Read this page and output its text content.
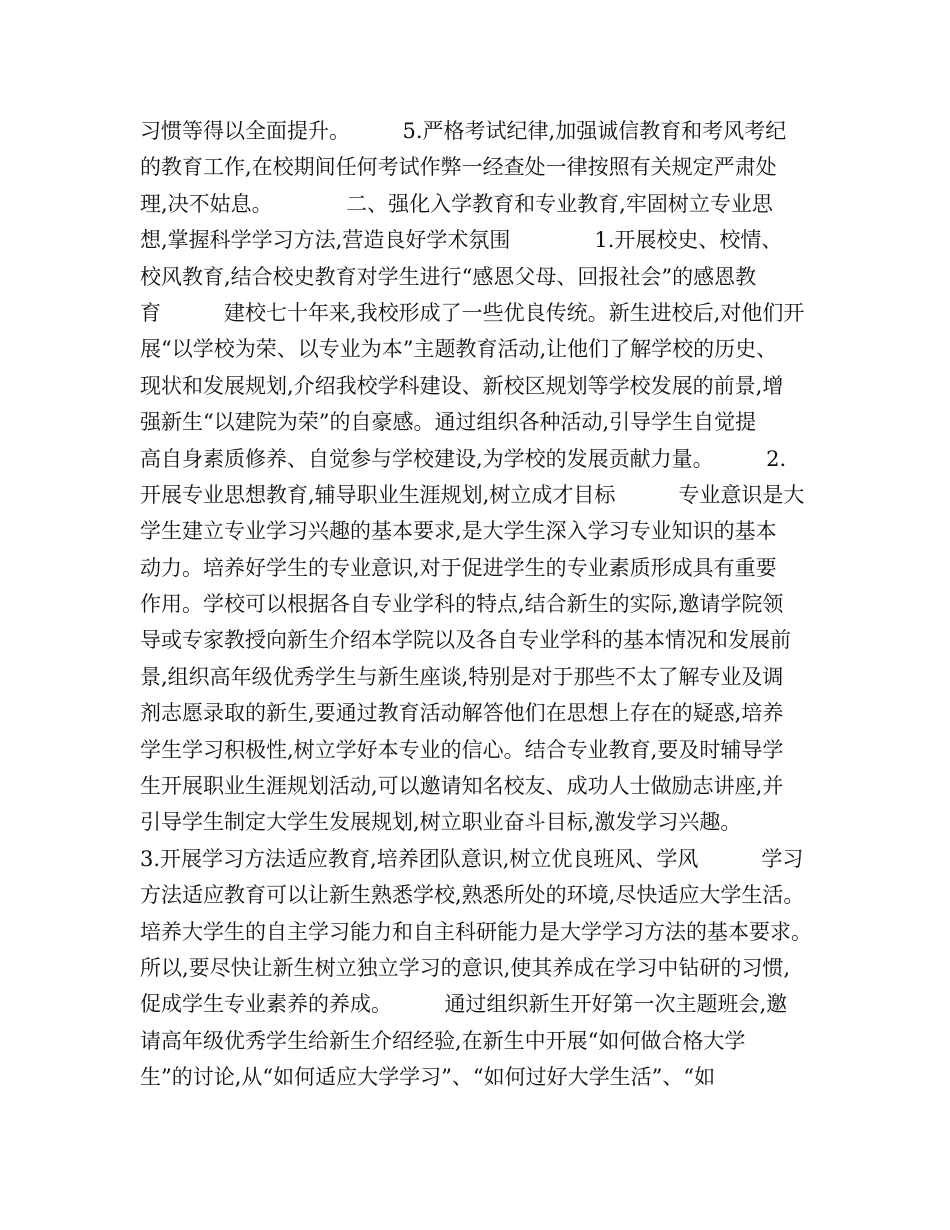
习惯等得以全面提升。　　　5.严格考试纪律,加强诚信教育和考风考纪
的教育工作,在校期间任何考试作弊一经查处一律按照有关规定严肃处
理,决不姑息。　　　　二、强化入学教育和专业教育,牢固树立专业思
想,掌握科学学习方法,营造良好学术氛围　　　　1.开展校史、校情、
校风教育,结合校史教育对学生进行“感恩父母、回报社会”的感恩教
育　　　建校七十年来,我校形成了一些优良传统。新生进校后,对他们开
展“以学校为荣、以专业为本”主题教育活动,让他们了解学校的历史、
现状和发展规划,介绍我校学科建设、新校区规划等学校发展的前景,增
强新生“以建院为荣”的自豪感。通过组织各种活动,引导学生自觉提
高自身素质修养、自觉参与学校建设,为学校的发展贡献力量。　　　2.
开展专业思想教育,辅导职业生涯规划,树立成才目标　　　专业意识是大
学生建立专业学习兴趣的基本要求,是大学生深入学习专业知识的基本
动力。培养好学生的专业意识,对于促进学生的专业素质形成具有重要
作用。学校可以根据各自专业学科的特点,结合新生的实际,邀请学院领
导或专家教授向新生介绍本学院以及各自专业学科的基本情况和发展前
景,组织高年级优秀学生与新生座谈,特别是对于那些不太了解专业及调
剂志愿录取的新生,要通过教育活动解答他们在思想上存在的疑惑,培养
学生学习积极性,树立学好本专业的信心。结合专业教育,要及时辅导学
生开展职业生涯规划活动,可以邀请知名校友、成功人士做励志讲座,并
引导学生制定大学生发展规划,树立职业奋斗目标,激发学习兴趣。
3.开展学习方法适应教育,培养团队意识,树立优良班风、学风　　　学习
方法适应教育可以让新生熟悉学校,熟悉所处的环境,尽快适应大学生活。
培养大学生的自主学习能力和自主科研能力是大学学习方法的基本要求。
所以,要尽快让新生树立独立学习的意识,使其养成在学习中钻研的习惯,
促成学生专业素养的养成。　　　通过组织新生开好第一次主题班会,邀
请高年级优秀学生给新生介绍经验,在新生中开展“如何做合格大学
生”的讨论,从“如何适应大学学习”、“如何过好大学生活”、“如
